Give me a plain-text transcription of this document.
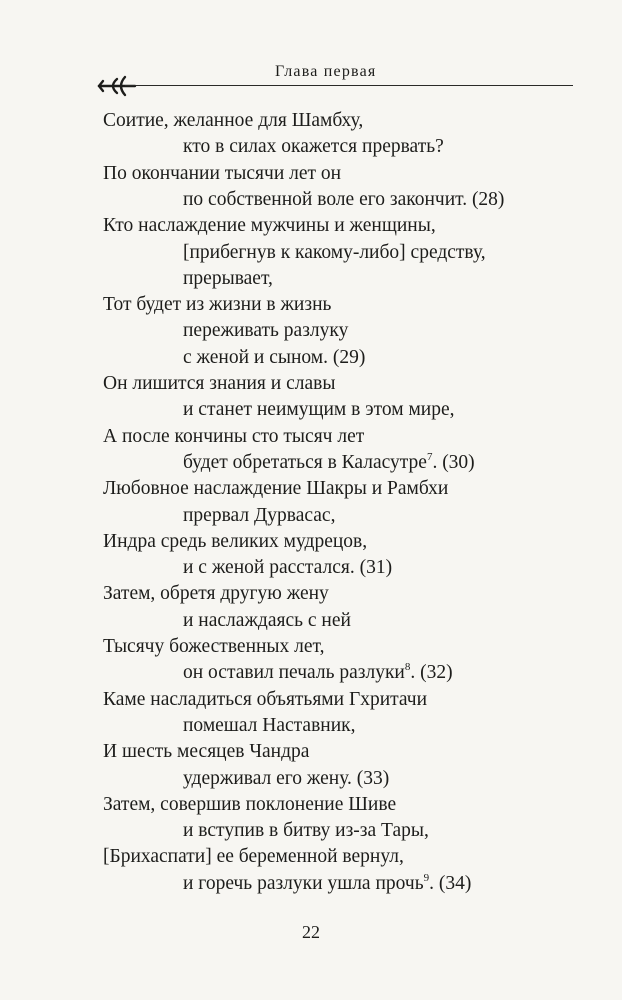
Глава первая
Соитие, желанное для Шамбху,
кто в силах окажется прервать?
По окончании тысячи лет он
по собственной воле его закончит. (28)
Кто наслаждение мужчины и женщины,
[прибегнув к какому-либо] средству,
прерывает,
Тот будет из жизни в жизнь
переживать разлуку
с женой и сыном. (29)
Он лишится знания и славы
и станет неимущим в этом мире,
А после кончины сто тысяч лет
будет обретаться в Каласутре$^7$. (30)
Любовное наслаждение Шакры и Рамбхи
прервал Дурвасас,
Индра средь великих мудрецов,
и с женой расстался. (31)
Затем, обретя другую жену
и наслаждаясь с ней
Тысячу божественных лет,
он оставил печаль разлуки$^8$. (32)
Каме насладиться объятьями Гхритачи
помешал Наставник,
И шесть месяцев Чандра
удерживал его жену. (33)
Затем, совершив поклонение Шиве
и вступив в битву из-за Тары,
[Брихаспати] ее беременной вернул,
и горечь разлуки ушла прочь$^9$. (34)
22
